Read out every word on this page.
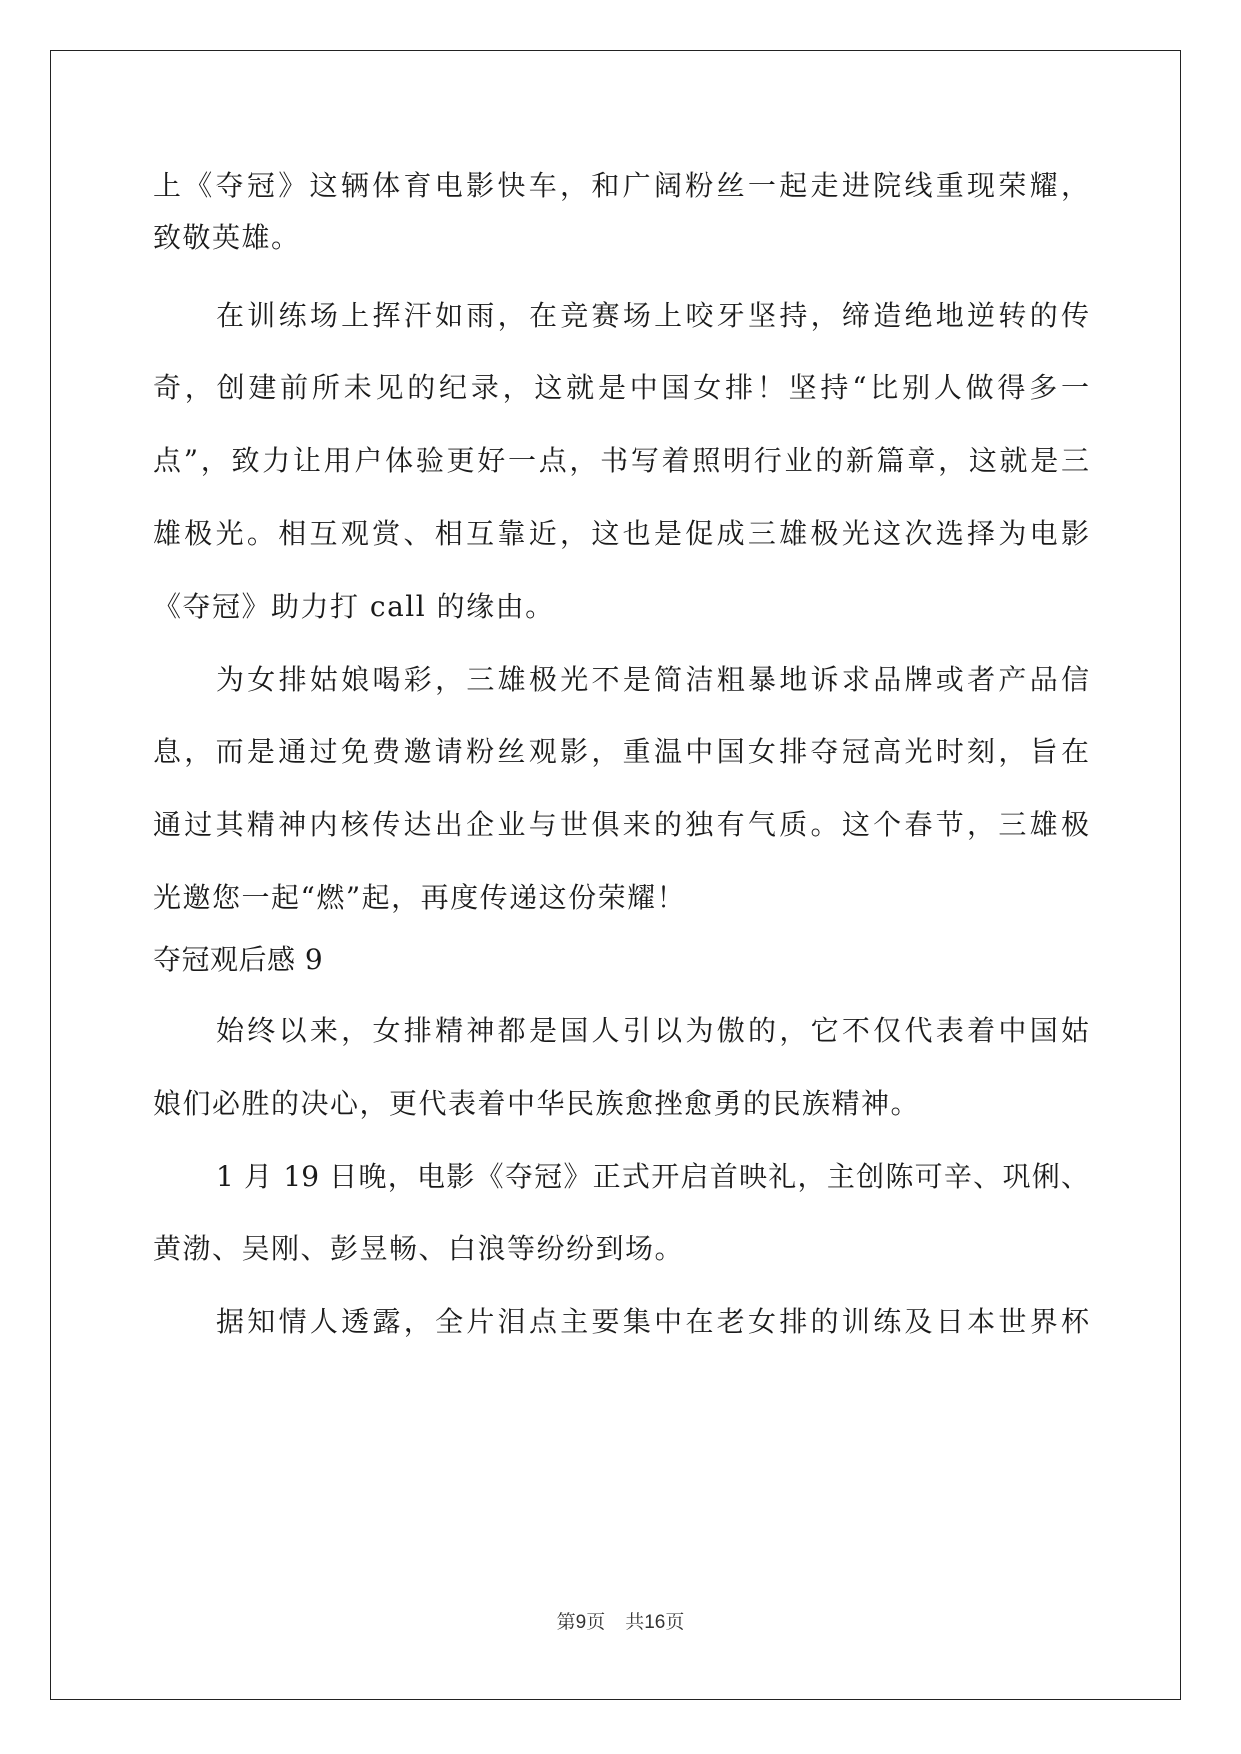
上《夺冠》这辆体育电影快车，和广阔粉丝一起走进院线重现荣耀，
致敬英雄。
在训练场上挥汗如雨，在竞赛场上咬牙坚持，缔造绝地逆转的传
奇，创建前所未见的纪录，这就是中国女排！坚持“比别人做得多一
点”，致力让用户体验更好一点，书写着照明行业的新篇章，这就是三
雄极光。相互观赏、相互靠近，这也是促成三雄极光这次选择为电影
《夺冠》助力打 call 的缘由。
为女排姑娘喝彩，三雄极光不是简洁粗暴地诉求品牌或者产品信
息，而是通过免费邀请粉丝观影，重温中国女排夺冠高光时刻，旨在
通过其精神内核传达出企业与世俱来的独有气质。这个春节，三雄极
光邀您一起“燃”起，再度传递这份荣耀！
夺冠观后感 9
始终以来，女排精神都是国人引以为傲的，它不仅代表着中国姑
娘们必胜的决心，更代表着中华民族愈挫愈勇的民族精神。
1 月 19 日晚，电影《夺冠》正式开启首映礼，主创陈可辛、巩俐、
黄渤、吴刚、彭昱畅、白浪等纷纷到场。
据知情人透露，全片泪点主要集中在老女排的训练及日本世界杯
第9页 共16页
